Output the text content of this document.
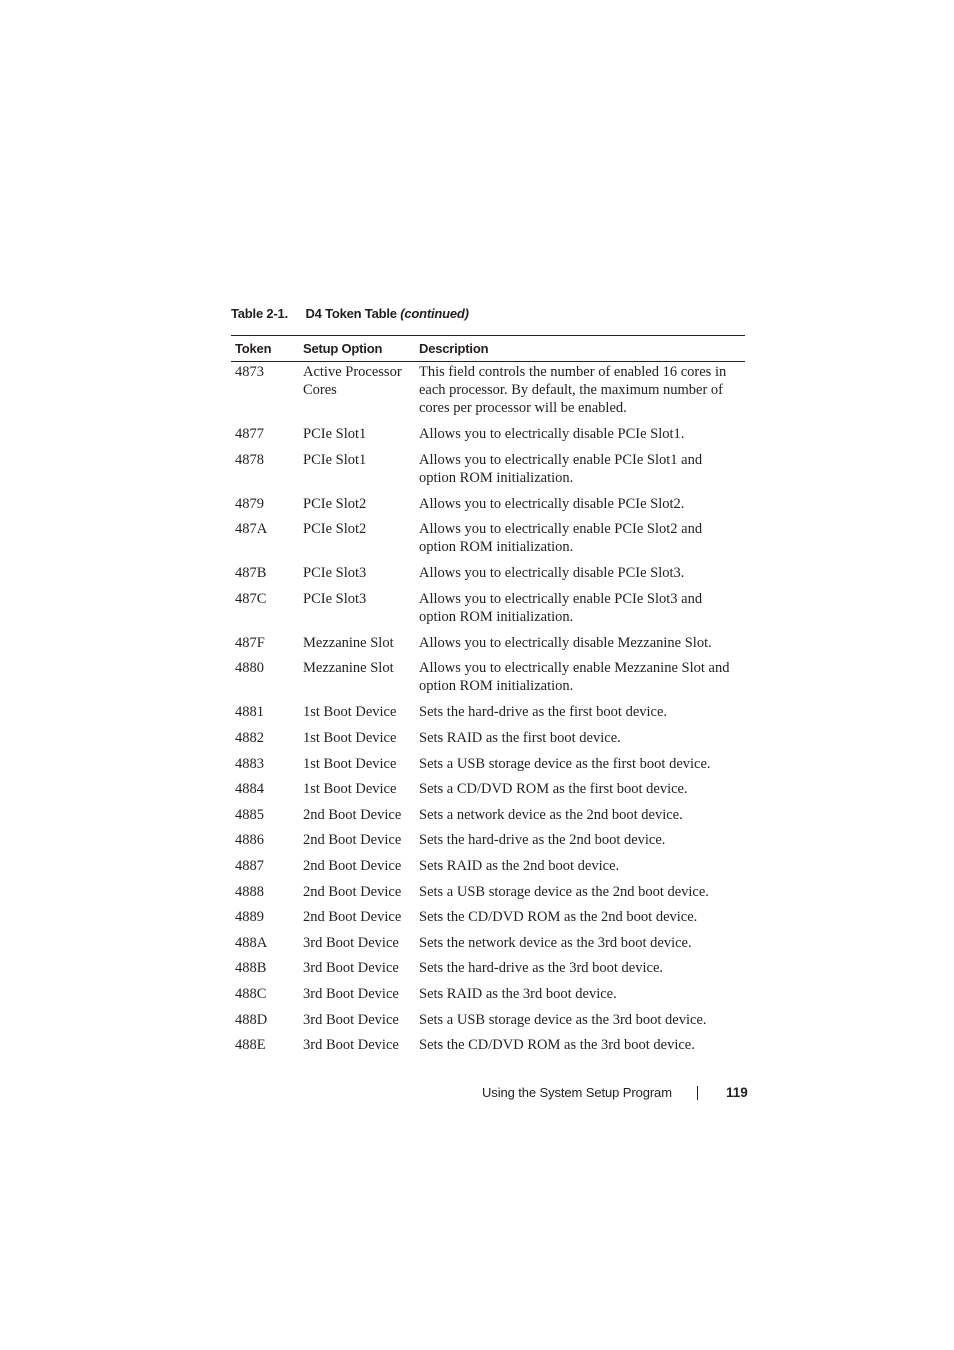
Table 2-1. D4 Token Table (continued)
Token	Setup Option	Description
4873	Active Processor Cores	This field controls the number of enabled 16 cores in each processor. By default, the maximum number of cores per processor will be enabled.
4877	PCIe Slot1	Allows you to electrically disable PCIe Slot1.
4878	PCIe Slot1	Allows you to electrically enable PCIe Slot1 and option ROM initialization.
4879	PCIe Slot2	Allows you to electrically disable PCIe Slot2.
487A	PCIe Slot2	Allows you to electrically enable PCIe Slot2 and option ROM initialization.
487B	PCIe Slot3	Allows you to electrically disable PCIe Slot3.
487C	PCIe Slot3	Allows you to electrically enable PCIe Slot3 and option ROM initialization.
487F	Mezzanine Slot	Allows you to electrically disable Mezzanine Slot.
4880	Mezzanine Slot	Allows you to electrically enable Mezzanine Slot and option ROM initialization.
4881	1st Boot Device	Sets the hard-drive as the first boot device.
4882	1st Boot Device	Sets RAID as the first boot device.
4883	1st Boot Device	Sets a USB storage device as the first boot device.
4884	1st Boot Device	Sets a CD/DVD ROM as the first boot device.
4885	2nd Boot Device	Sets a network device as the 2nd boot device.
4886	2nd Boot Device	Sets the hard-drive as the 2nd boot device.
4887	2nd Boot Device	Sets RAID as the 2nd boot device.
4888	2nd Boot Device	Sets a USB storage device as the 2nd boot device.
4889	2nd Boot Device	Sets the CD/DVD ROM as the 2nd boot device.
488A	3rd Boot Device	Sets the network device as the 3rd boot device.
488B	3rd Boot Device	Sets the hard-drive as the 3rd boot device.
488C	3rd Boot Device	Sets RAID as the 3rd boot device.
488D	3rd Boot Device	Sets a USB storage device as the 3rd boot device.
488E	3rd Boot Device	Sets the CD/DVD ROM as the 3rd boot device.
Using the System Setup Program	119
